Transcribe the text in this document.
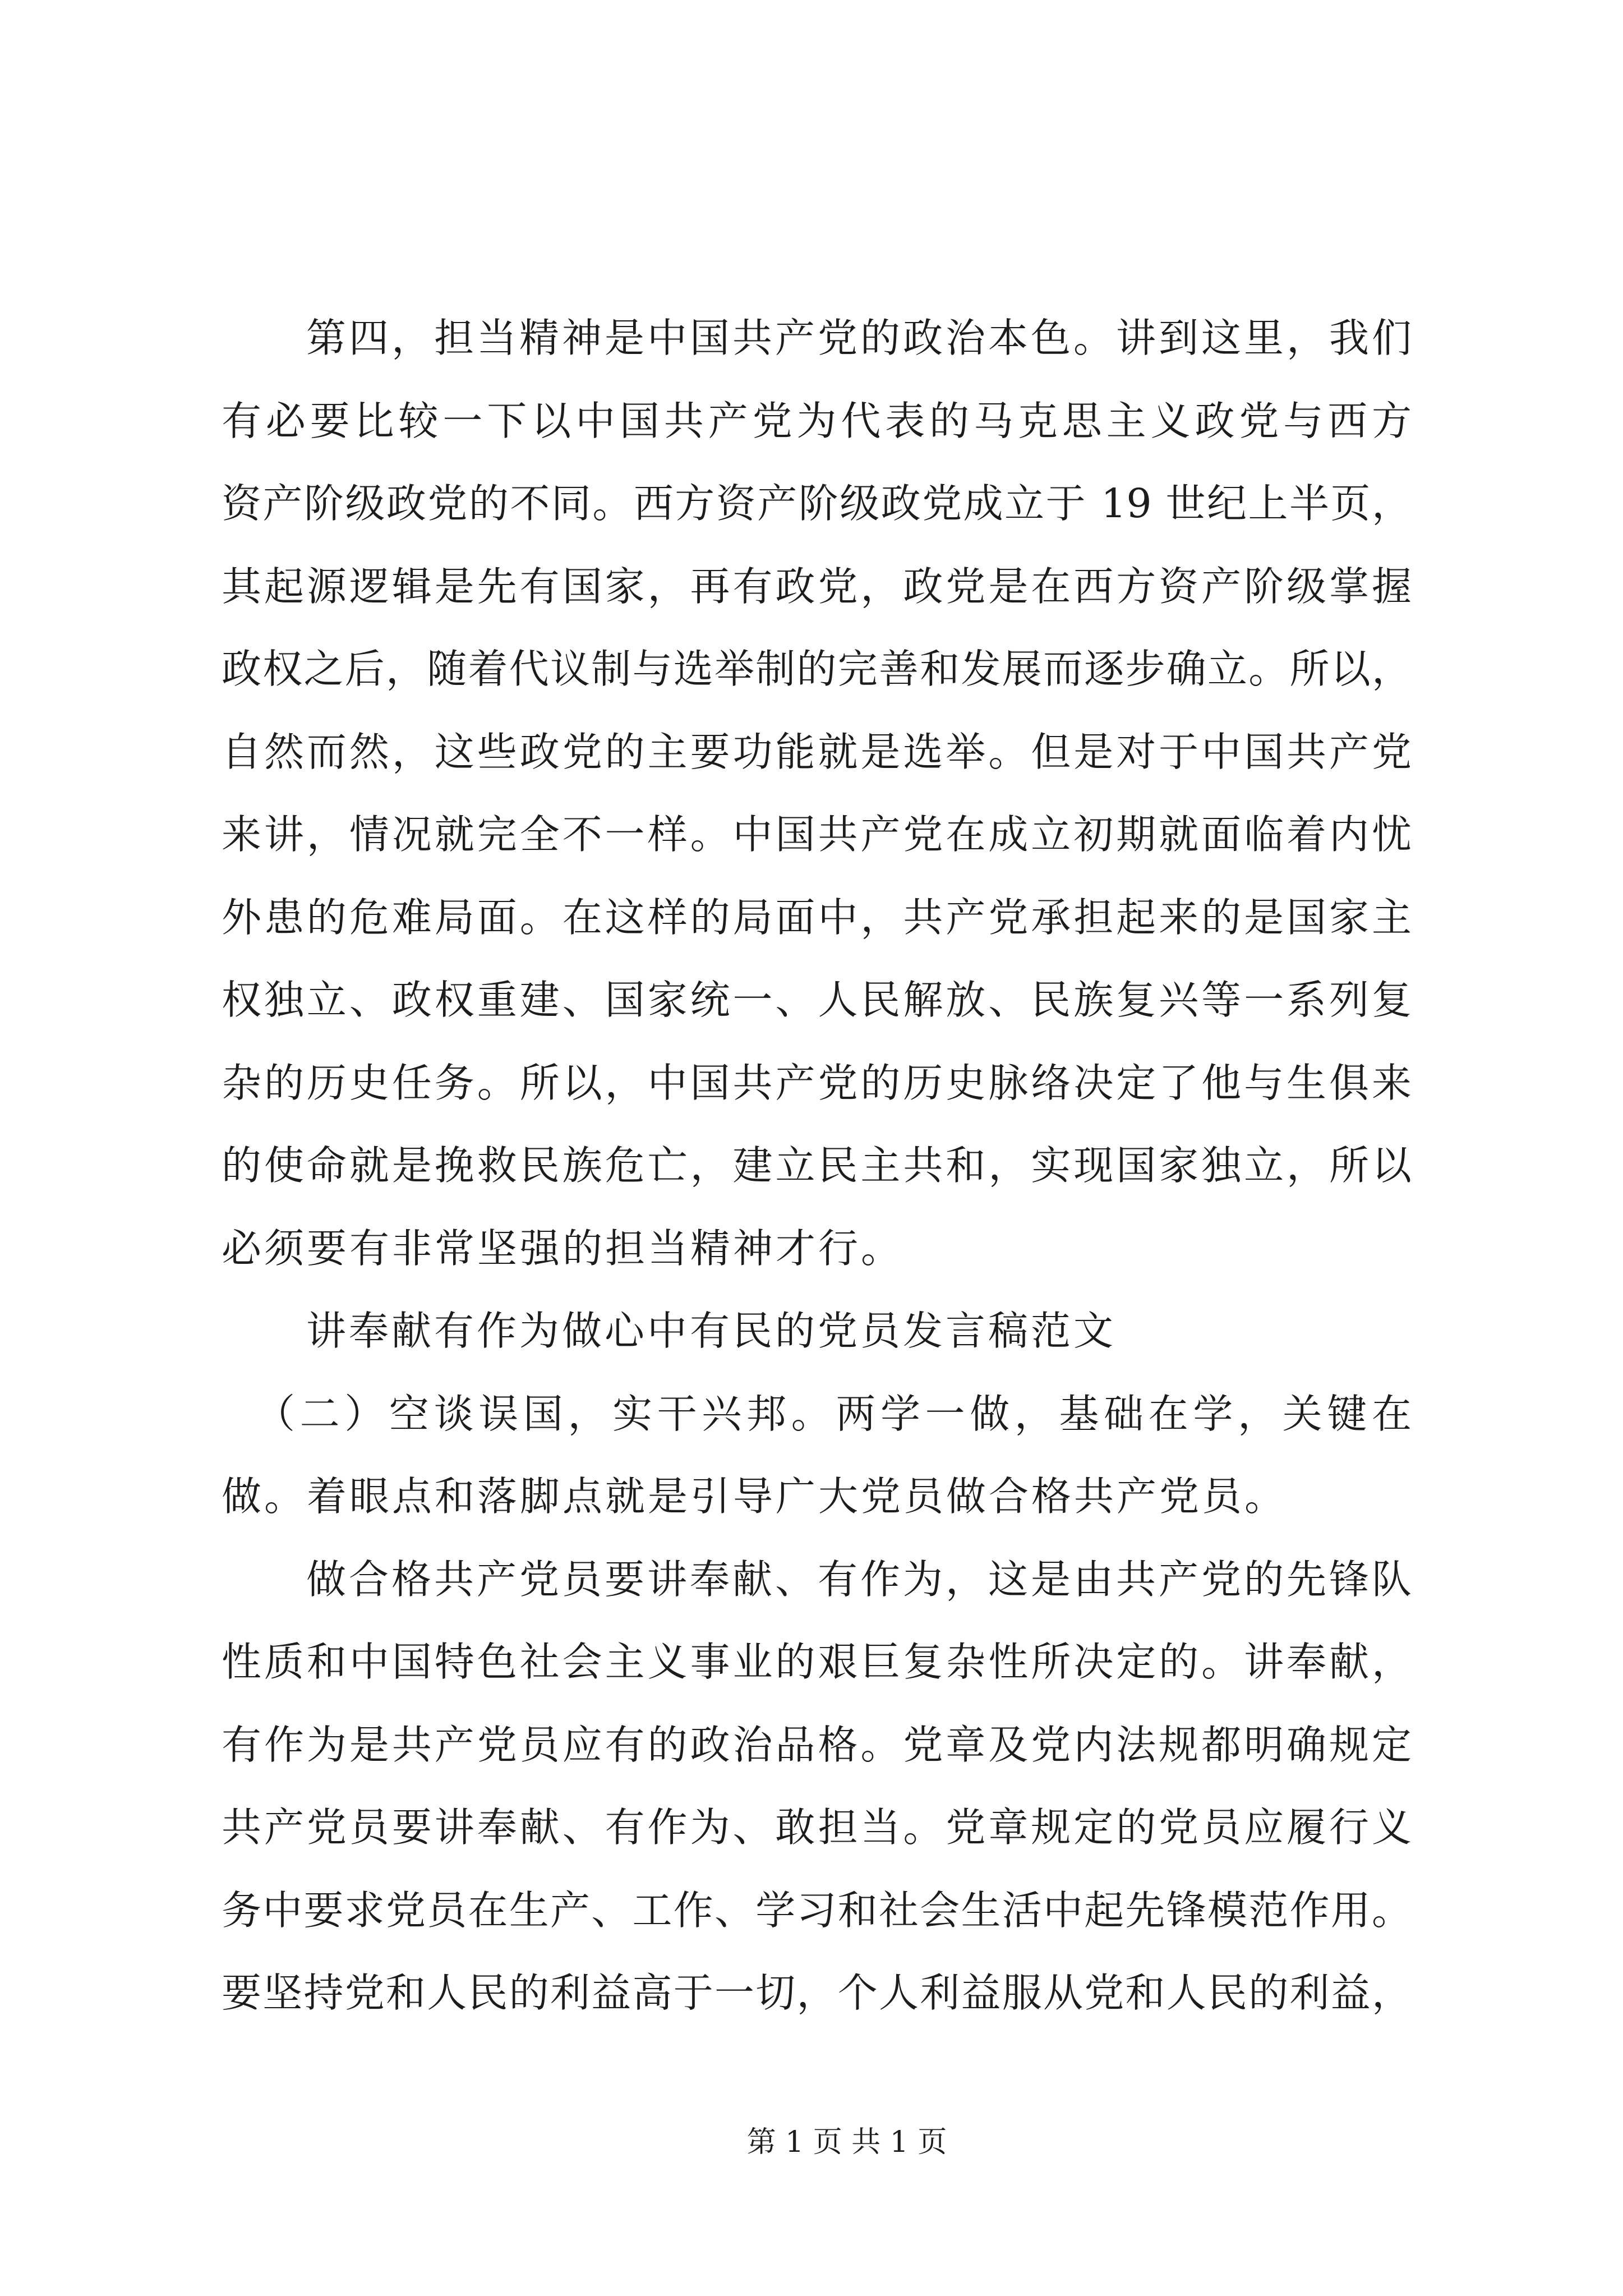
第四，担当精神是中国共产党的政治本色。讲到这里，我们
有必要比较一下以中国共产党为代表的马克思主义政党与西方
资产阶级政党的不同。西方资产阶级政党成立于 19 世纪上半页，
其起源逻辑是先有国家，再有政党，政党是在西方资产阶级掌握
政权之后，随着代议制与选举制的完善和发展而逐步确立。所以，
自然而然，这些政党的主要功能就是选举。但是对于中国共产党
来讲，情况就完全不一样。中国共产党在成立初期就面临着内忧
外患的危难局面。在这样的局面中，共产党承担起来的是国家主
权独立、政权重建、国家统一、人民解放、民族复兴等一系列复
杂的历史任务。所以，中国共产党的历史脉络决定了他与生俱来
的使命就是挽救民族危亡，建立民主共和，实现国家独立，所以
必须要有非常坚强的担当精神才行。
讲奉献有作为做心中有民的党员发言稿范文
（二）空谈误国，实干兴邦。两学一做，基础在学，关键在
做。着眼点和落脚点就是引导广大党员做合格共产党员。
做合格共产党员要讲奉献、有作为，这是由共产党的先锋队
性质和中国特色社会主义事业的艰巨复杂性所决定的。讲奉献，
有作为是共产党员应有的政治品格。党章及党内法规都明确规定
共产党员要讲奉献、有作为、敢担当。党章规定的党员应履行义
务中要求党员在生产、工作、学习和社会生活中起先锋模范作用。
要坚持党和人民的利益高于一切，个人利益服从党和人民的利益，
第 1 页 共 1 页
